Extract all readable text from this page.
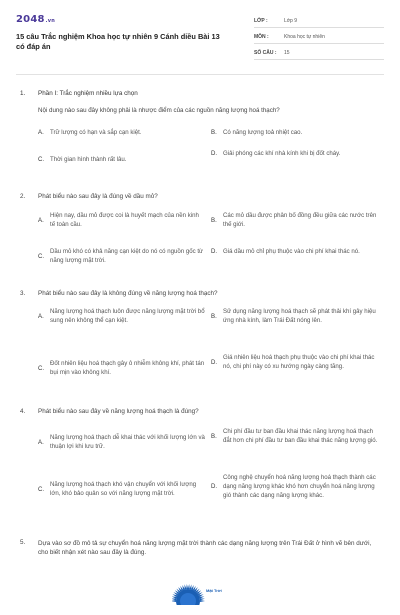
2048.vn
15 câu Trắc nghiệm Khoa học tự nhiên 9 Cánh diều Bài 13 có đáp án
LỚP :	Lớp 9
MÔN :	Khoa học tự nhiên
SỐ CÂU :	15
1. Phần I: Trắc nghiệm nhiều lựa chọn
Nội dung nào sau đây không phải là nhược điểm của các nguồn năng lượng hoá thạch?
A.	Trữ lượng có hạn và sắp cạn kiệt.	B.	Có năng lượng toả nhiệt cao.
C. Thời gian hình thành rất lâu.
D. Giải phóng các khí nhà kính khi bị đốt cháy.
2. Phát biểu nào sau đây là đúng về dầu mỏ?
A.
Hiện nay, dầu mỏ được coi là huyết mạch của nền kinh tế toàn cầu.
B.
Các mỏ dầu được phân bố đồng đều giữa các nước trên thế giới.
C.
Dầu mỏ khó có khả năng cạn kiệt do nó có nguồn gốc từ năng lượng mặt trời.
D. Giá dầu mỏ chỉ phụ thuộc vào chi phí khai thác nó.
3. Phát biểu nào sau đây là không đúng về năng lượng hoá thạch?
A.
Năng lượng hoá thạch luôn được năng lượng mặt trời bổ sung nên không thể cạn kiệt.
B.
Sử dụng năng lượng hoá thạch sẽ phát thải khí gây hiệu ứng nhà kính, làm Trái Đất nóng lên.
C.
Đốt nhiên liệu hoá thạch gây ô nhiễm không khí, phát tán bụi mịn vào không khí.
D.
Giá nhiên liệu hoá thạch phụ thuộc vào chi phí khai thác nó, chi phí này có xu hướng ngày càng tăng.
4. Phát biểu nào sau đây về năng lượng hoá thạch là đúng?
A.
Năng lượng hoá thạch dễ khai thác với khối lượng lớn và thuận lợi khi lưu trữ.
B.
Chi phí đầu tư ban đầu khai thác năng lượng hoá thạch đắt hơn chi phí đầu tư ban đầu khai thác năng lượng gió.
C.
Năng lượng hoá thạch khó vận chuyển với khối lượng lớn, khó bảo quản so với năng lượng mặt trời.
D.
Công nghệ chuyển hoá năng lượng hoá thạch thành các dạng năng lượng khác khó hơn chuyển hoá năng lượng gió thành các dạng năng lượng khác.
5.	Dựa vào sơ đồ mô tả sự chuyển hoá năng lượng mặt trời thành các dạng năng lượng trên Trái Đất ở hình vẽ bên dưới, cho biết nhận xét nào sau đây là đúng.
Mặt Trời
